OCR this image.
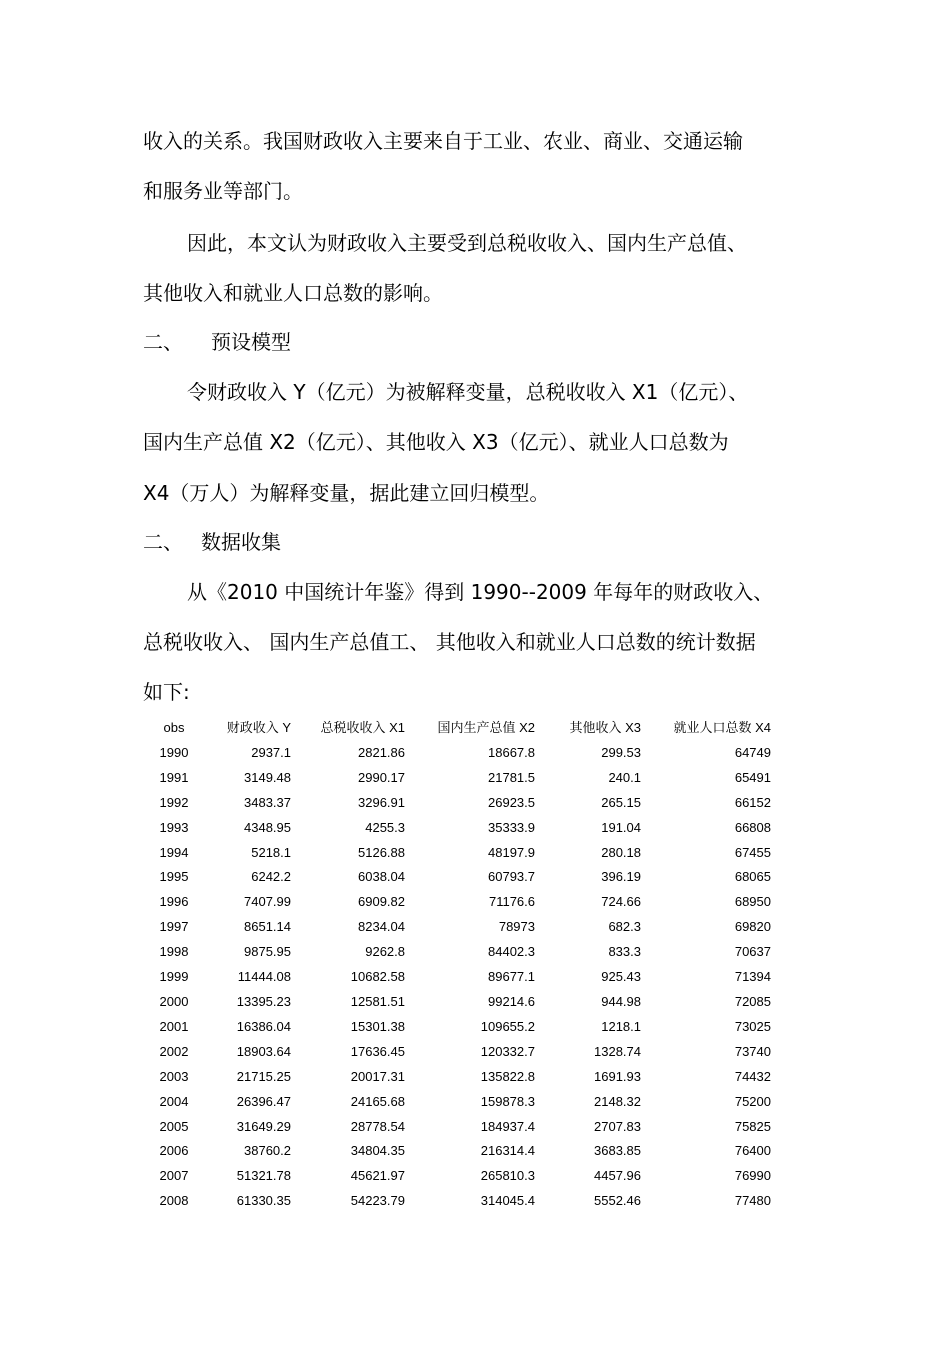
收入的关系。我国财政收入主要来自于工业、农业、商业、交通运输
和服务业等部门。
因此，本文认为财政收入主要受到总税收收入、国内生产总值、
其他收入和就业人口总数的影响。
二、 预设模型
令财政收入 Y（亿元）为被解释变量，总税收收入 X1（亿元）、
国内生产总值 X2（亿元）、其他收入 X3（亿元）、就业人口总数为
X4（万人）为解释变量，据此建立回归模型。
二、 数据收集
从《2010 中国统计年鉴》得到 1990--2009 年每年的财政收入、
总税收收入、 国内生产总值工、 其他收入和就业人口总数的统计数据
如下:
obs	财政收入 Y	总税收收入 X1	国内生产总值 X2	其他收入 X3	就业人口总数 X4
1990	2937.1	2821.86	18667.8	299.53	64749
1991	3149.48	2990.17	21781.5	240.1	65491
1992	3483.37	3296.91	26923.5	265.15	66152
1993	4348.95	4255.3	35333.9	191.04	66808
1994	5218.1	5126.88	48197.9	280.18	67455
1995	6242.2	6038.04	60793.7	396.19	68065
1996	7407.99	6909.82	71176.6	724.66	68950
1997	8651.14	8234.04	78973	682.3	69820
1998	9875.95	9262.8	84402.3	833.3	70637
1999	11444.08	10682.58	89677.1	925.43	71394
2000	13395.23	12581.51	99214.6	944.98	72085
2001	16386.04	15301.38	109655.2	1218.1	73025
2002	18903.64	17636.45	120332.7	1328.74	73740
2003	21715.25	20017.31	135822.8	1691.93	74432
2004	26396.47	24165.68	159878.3	2148.32	75200
2005	31649.29	28778.54	184937.4	2707.83	75825
2006	38760.2	34804.35	216314.4	3683.85	76400
2007	51321.78	45621.97	265810.3	4457.96	76990
2008	61330.35	54223.79	314045.4	5552.46	77480
